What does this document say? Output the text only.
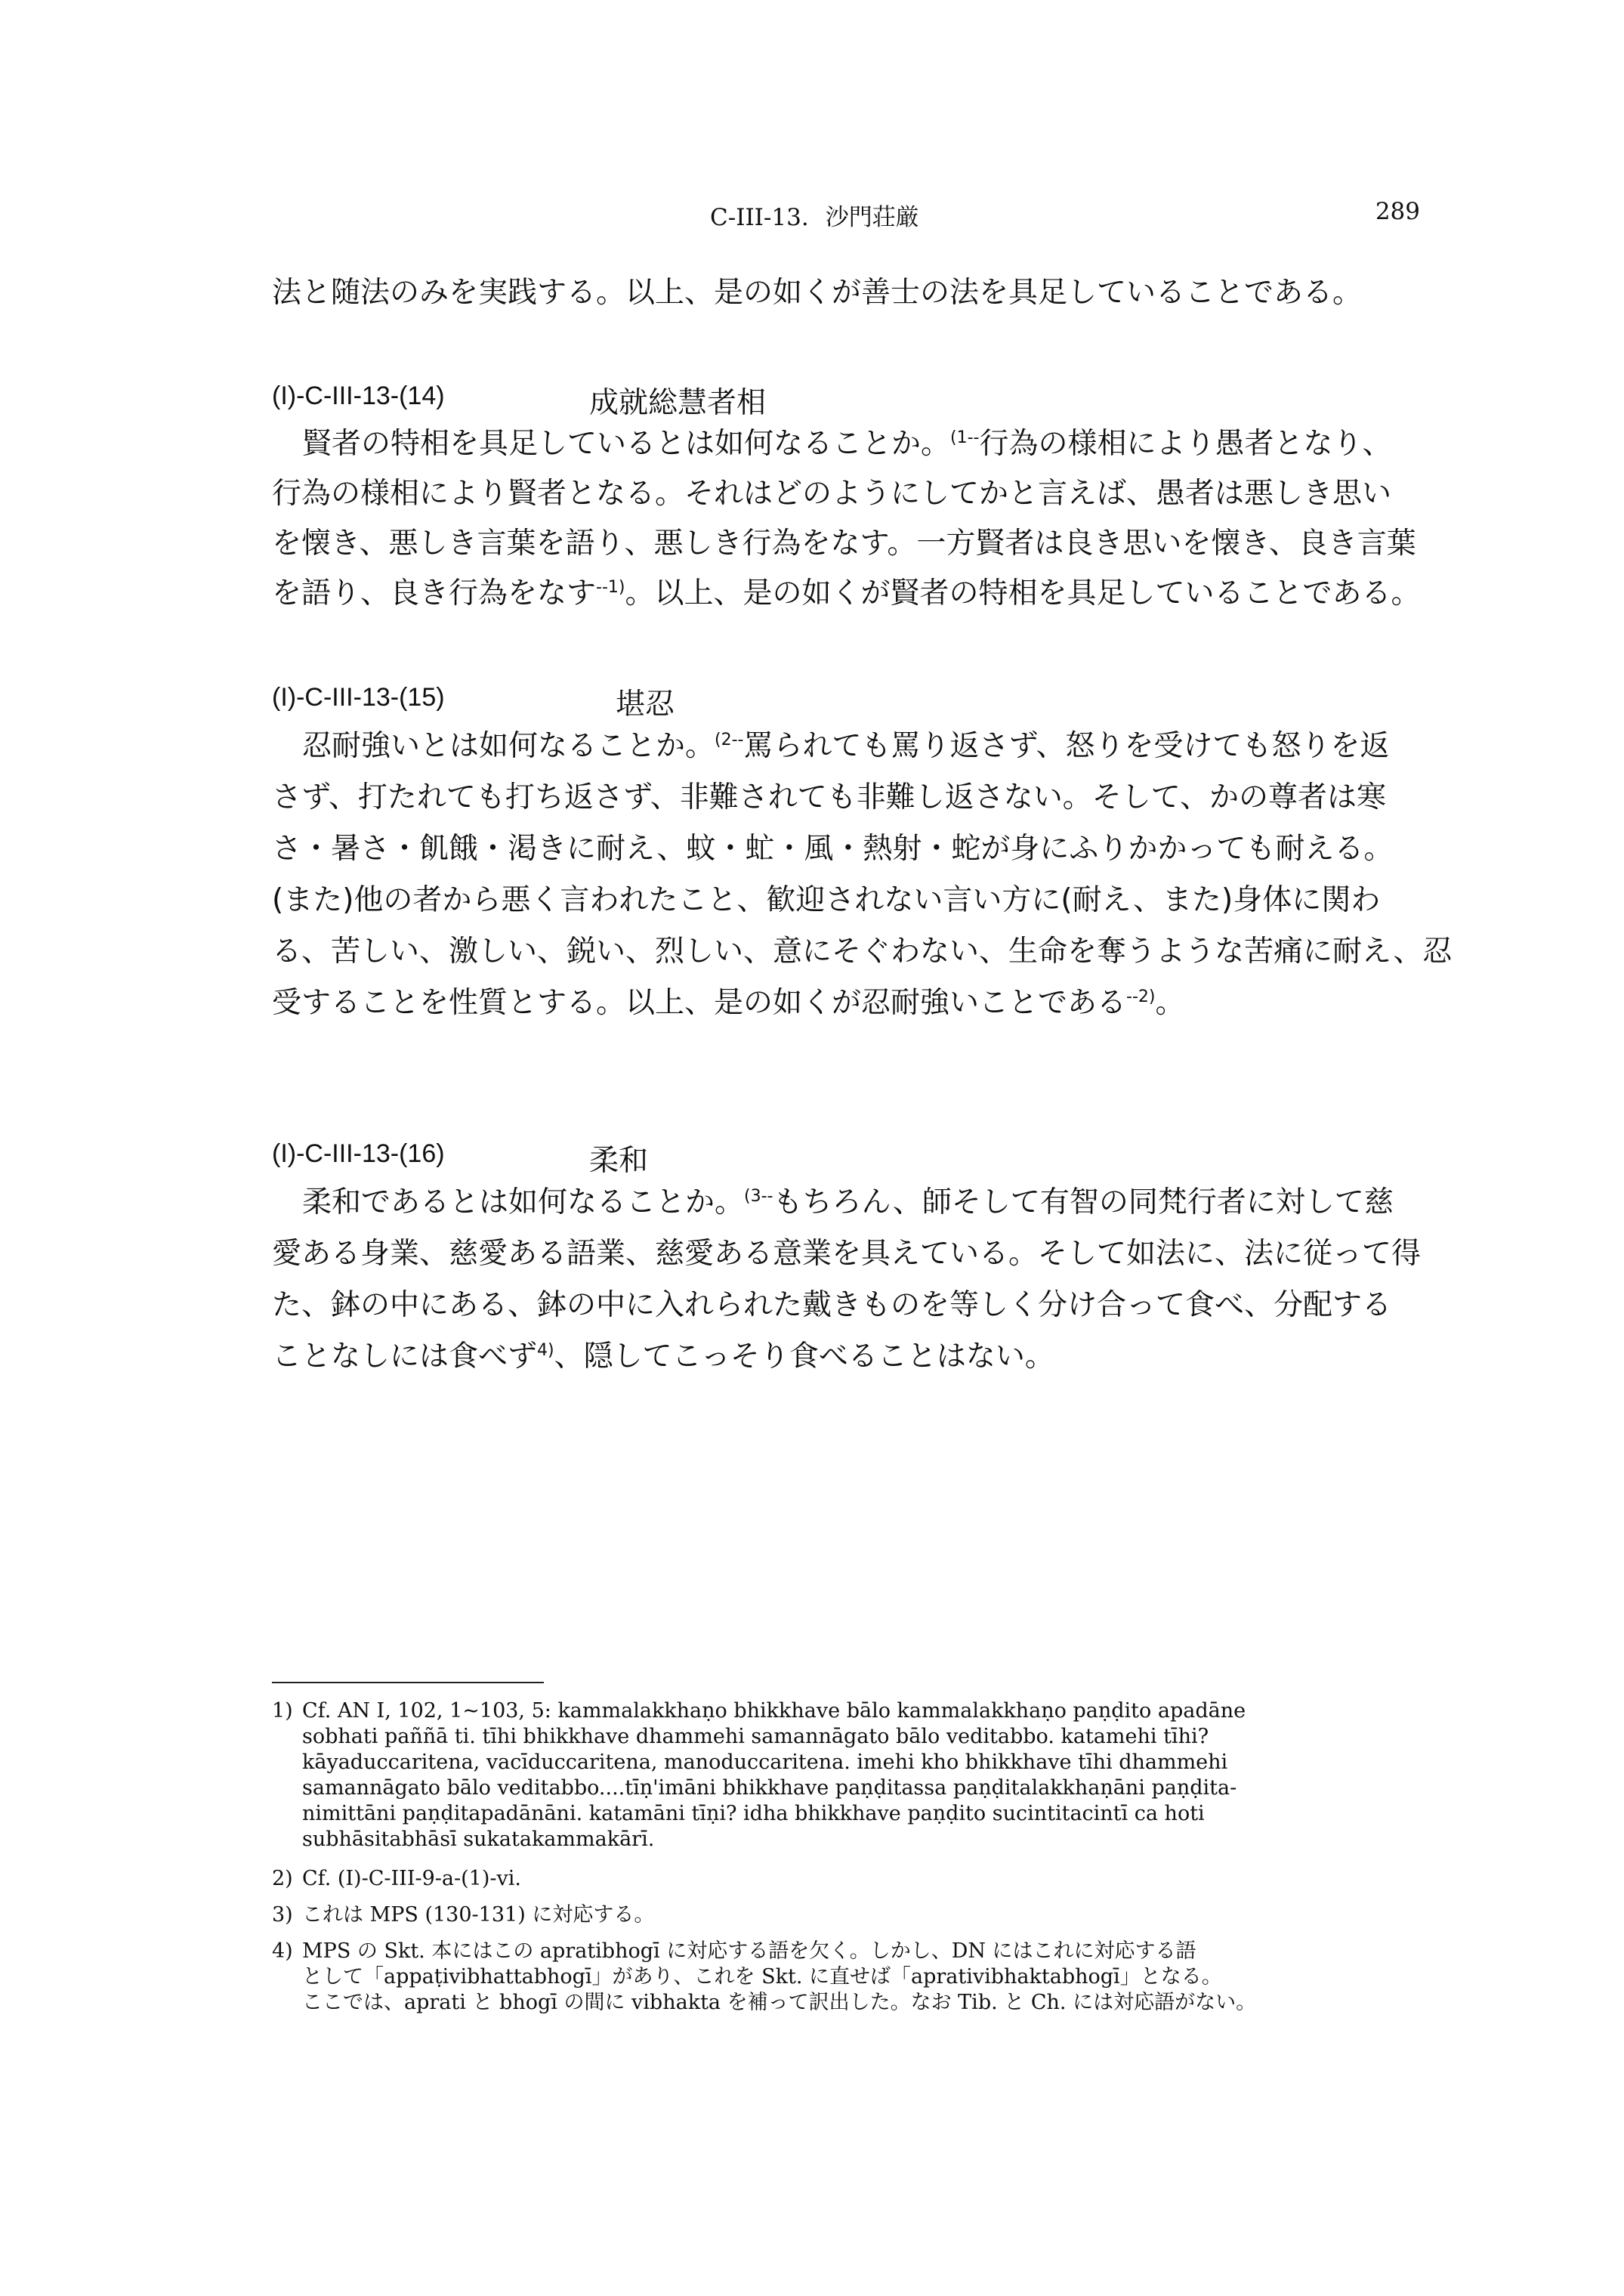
C-III-13. 沙門荘厳	289
法と随法のみを実践する。以上、是の如くが善士の法を具足していることである。
(I)-C-III-13-(14)	成就総慧者相
賢者の特相を具足しているとは如何なることか。$^{(1--}$行為の様相により愚者となり、
行為の様相により賢者となる。それはどのようにしてかと言えば、愚者は悪しき思い
を懐き、悪しき言葉を語り、悪しき行為をなす。一方賢者は良き思いを懐き、良き言葉
を語り、良き行為をなす$^{--1)}$。以上、是の如くが賢者の特相を具足していることである。
(I)-C-III-13-(15)	堪忍
忍耐強いとは如何なることか。$^{(2--}$罵られても罵り返さず、怒りを受けても怒りを返
さず、打たれても打ち返さず、非難されても非難し返さない。そして、かの尊者は寒
さ・暑さ・飢餓・渇きに耐え、蚊・虻・風・熱射・蛇が身にふりかかっても耐える。
(また)他の者から悪く言われたこと、歓迎されない言い方に(耐え、また)身体に関わ
る、苦しい、激しい、鋭い、烈しい、意にそぐわない、生命を奪うような苦痛に耐え、忍
受することを性質とする。以上、是の如くが忍耐強いことである$^{--2)}$。
(I)-C-III-13-(16)	柔和
柔和であるとは如何なることか。$^{(3--}$もちろん、師そして有智の同梵行者に対して慈
愛ある身業、慈愛ある語業、慈愛ある意業を具えている。そして如法に、法に従って得
た、鉢の中にある、鉢の中に入れられた戴きものを等しく分け合って食べ、分配する
ことなしには食べず$^{4)}$、隠してこっそり食べることはない。
1) Cf. AN I, 102, 1~103, 5: kammalakkhaṇo bhikkhave bālo kammalakkhaṇo paṇḍito apadāne
sobhati paññā ti. tīhi bhikkhave dhammehi samannāgato bālo veditabbo. katamehi tīhi?
kāyaduccaritena, vacīduccaritena, manoduccaritena. imehi kho bhikkhave tīhi dhammehi
samannāgato bālo veditabbo....tīṇ'imāni bhikkhave paṇḍitassa paṇḍitalakkhaṇāni paṇḍita-
nimittāni paṇḍitapadānāni. katamāni tīṇi? idha bhikkhave paṇḍito sucintitacintī ca hoti
subhāsitabhāsī sukatakammakārī.
2) Cf. (I)-C-III-9-a-(1)-vi.
3) これは MPS (130-131) に対応する。
4) MPS の Skt. 本にはこの apratibhogī に対応する語を欠く。しかし、DN にはこれに対応する語
として「appaṭivibhattabhogī」があり、これを Skt. に直せば「aprativibhaktabhogī」となる。
ここでは、aprati と bhogī の間に vibhakta を補って訳出した。なお Tib. と Ch. には対応語がない。
